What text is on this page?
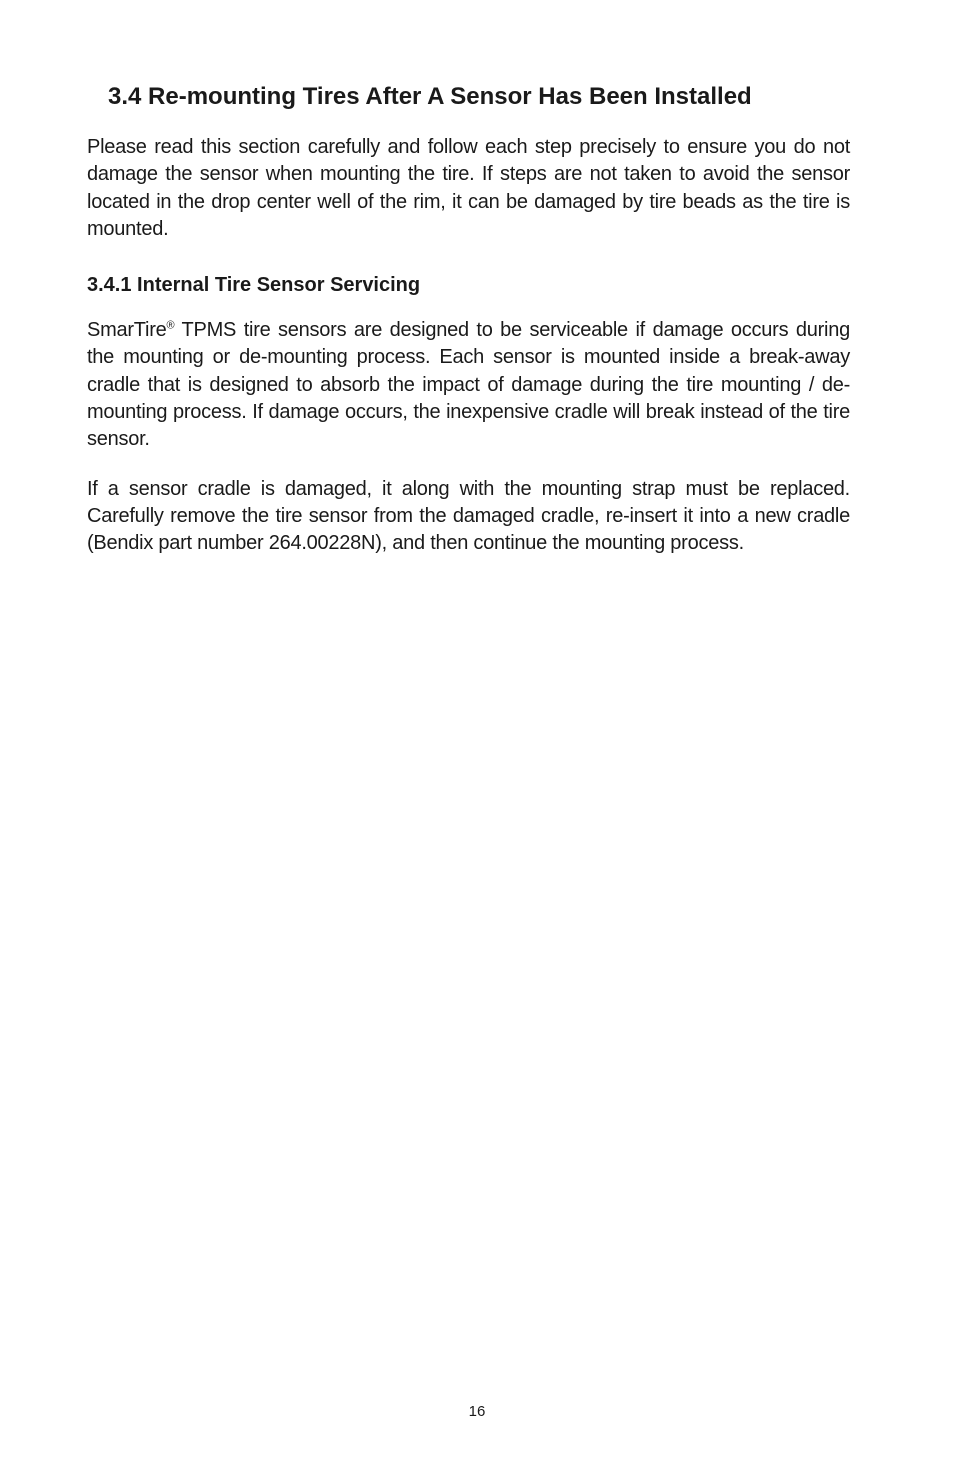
3.4 Re-mounting Tires After A Sensor Has Been Installed

Please read this section carefully and follow each step precisely to ensure you do not damage the sensor when mounting the tire. If steps are not taken to avoid the sensor located in the drop center well of the rim, it can be damaged by tire beads as the tire is mounted.

3.4.1 Internal Tire Sensor Servicing

SmarTire® TPMS tire sensors are designed to be serviceable if damage occurs during the mounting or de-mounting process. Each sensor is mounted inside a break-away cradle that is designed to absorb the impact of damage during the tire mounting / de-mounting process. If damage occurs, the inexpensive cradle will break instead of the tire sensor.

If a sensor cradle is damaged, it along with the mounting strap must be replaced. Carefully remove the tire sensor from the damaged cradle, re-insert it into a new cradle (Bendix part number 264.00228N), and then continue the mounting process.

16
